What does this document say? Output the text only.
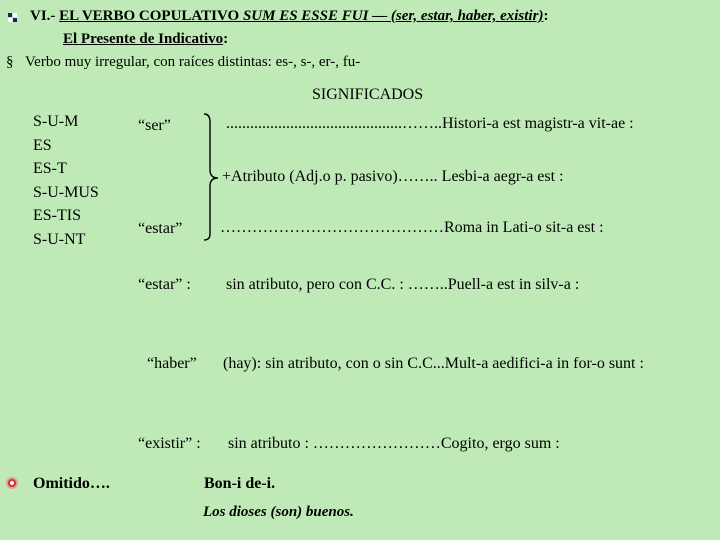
VI.- EL VERBO COPULATIVO SUM ES ESSE FUI –– (ser, estar, haber, existir):
El Presente de Indicativo:
§ Verbo muy irregular, con raíces distintas: es-, s-, er-, fu-
SIGNIFICADOS
S-U-M
ES
ES-T
S-U-MUS
ES-TIS
S-U-NT
“ser”	............................................……..Histori-a est magistr-a vit-ae :
+Atributo (Adj.o p. pasivo)…….. Lesbi-a aegr-a est :
“estar” ……………………………………Roma in Lati-o sit-a est :
“estar” : sin atributo, pero con C.C. : ……..Puell-a est in silv-a :
“haber” (hay): sin atributo, con o sin C.C...Mult-a aedifici-a in for-o sunt :
“existir” : sin atributo : ……………………Cogito, ergo sum :
Omitido….	Bon-i de-i.
Los dioses (son) buenos.
